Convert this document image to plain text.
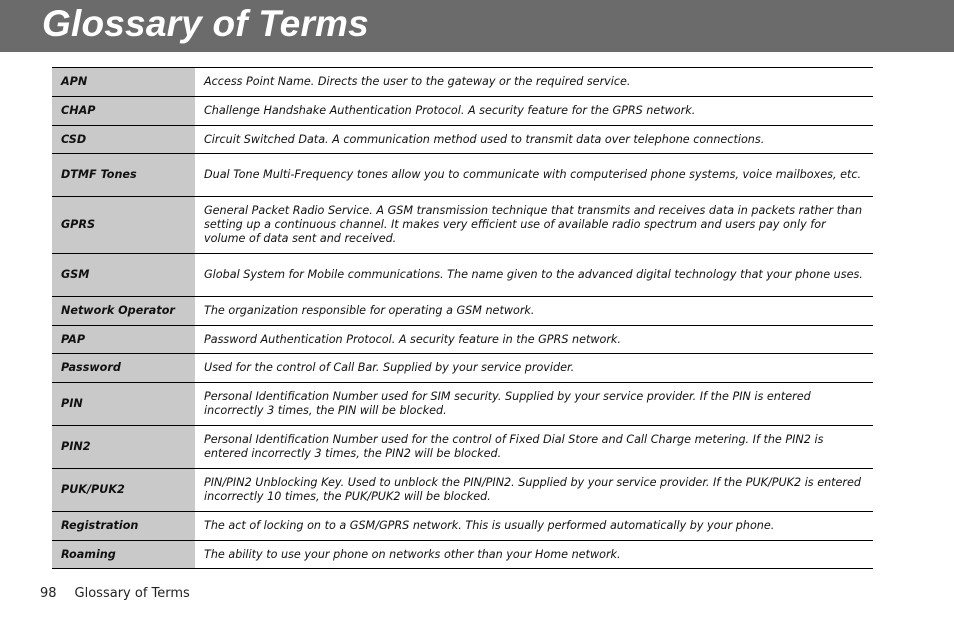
Glossary of Terms
APN	Access Point Name. Directs the user to the gateway or the required service.
CHAP	Challenge Handshake Authentication Protocol. A security feature for the GPRS network.
CSD	Circuit Switched Data. A communication method used to transmit data over telephone connections.
DTMF Tones	Dual Tone Multi-Frequency tones allow you to communicate with computerised phone systems, voice mailboxes, etc.
GPRS	General Packet Radio Service. A GSM transmission technique that transmits and receives data in packets rather than setting up a continuous channel. It makes very efficient use of available radio spectrum and users pay only for volume of data sent and received.
GSM	Global System for Mobile communications. The name given to the advanced digital technology that your phone uses.
Network Operator	The organization responsible for operating a GSM network.
PAP	Password Authentication Protocol. A security feature in the GPRS network.
Password	Used for the control of Call Bar. Supplied by your service provider.
PIN	Personal Identification Number used for SIM security. Supplied by your service provider. If the PIN is entered incorrectly 3 times, the PIN will be blocked.
PIN2	Personal Identification Number used for the control of Fixed Dial Store and Call Charge metering. If the PIN2 is entered incorrectly 3 times, the PIN2 will be blocked.
PUK/PUK2	PIN/PIN2 Unblocking Key. Used to unblock the PIN/PIN2. Supplied by your service provider. If the PUK/PUK2 is entered incorrectly 10 times, the PUK/PUK2 will be blocked.
Registration	The act of locking on to a GSM/GPRS network. This is usually performed automatically by your phone.
Roaming	The ability to use your phone on networks other than your Home network.
98 Glossary of Terms
